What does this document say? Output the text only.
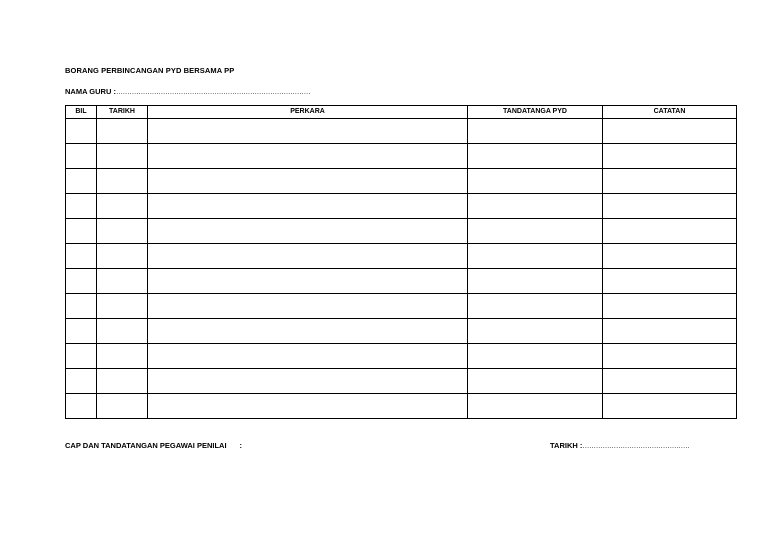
BORANG PERBINCANGAN PYD BERSAMA PP
NAMA GURU :……………………………………………………………………………
BIL	TARIKH	PERKARA	TANDATANGA PYD	CATATAN

CAP DAN TANDATANGAN PEGAWAI PENILAI :	TARIKH :…………………………………………
